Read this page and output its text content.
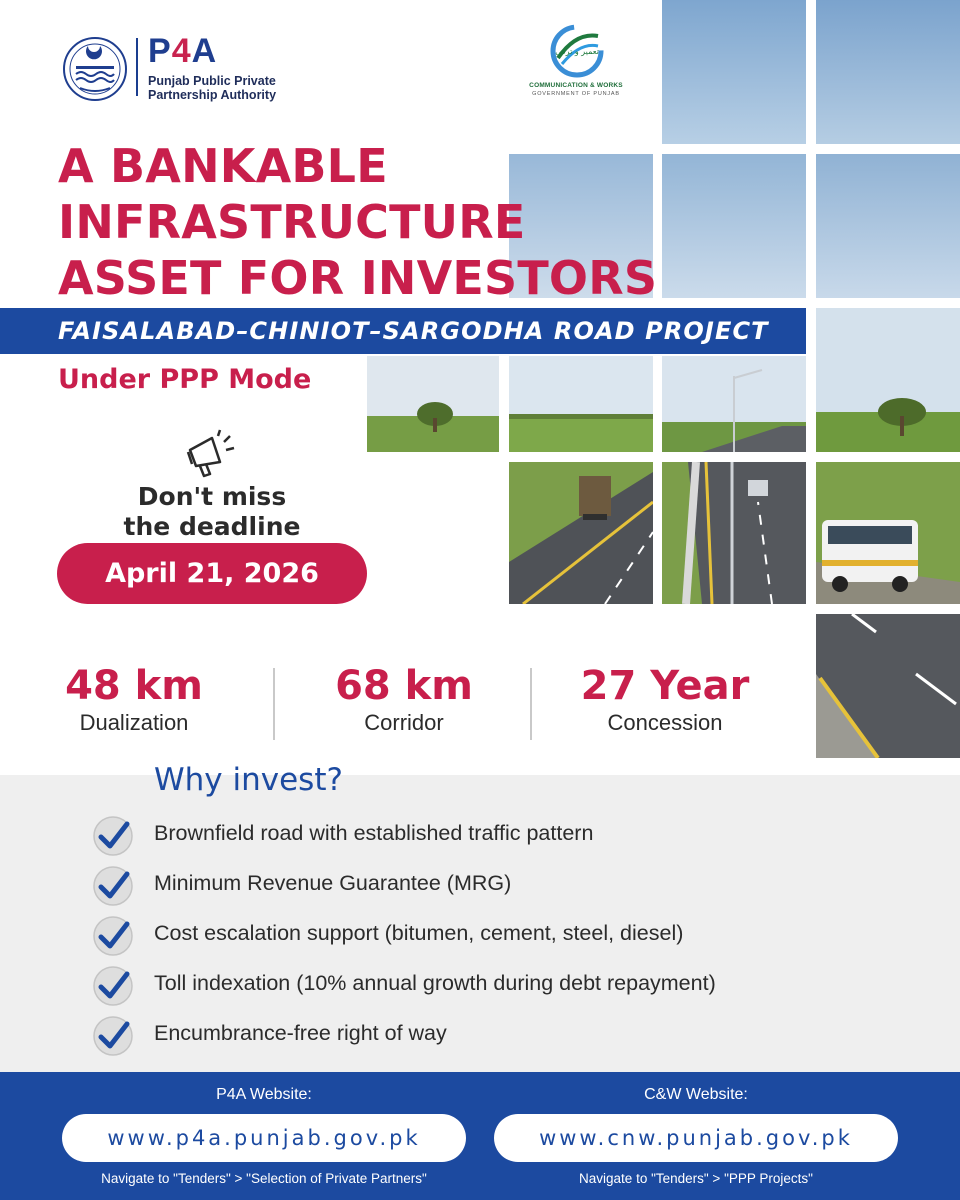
P4A
Punjab Public Private Partnership Authority
تعمیر و ترقی
COMMUNICATION & WORKS
GOVERNMENT OF PUNJAB
A BANKABLE
INFRASTRUCTURE
ASSET FOR INVESTORS
FAISALABAD–CHINIOT–SARGODHA ROAD PROJECT
Under PPP Mode
Don't miss
the deadline
April 21, 2026
48 km
Dualization
68 km
Corridor
27 Year
Concession
Why invest?
Brownfield road with established traffic pattern
Minimum Revenue Guarantee (MRG)
Cost escalation support (bitumen, cement, steel, diesel)
Toll indexation (10% annual growth during debt repayment)
Encumbrance-free right of way
P4A Website:
www.p4a.punjab.gov.pk
Navigate to "Tenders" > "Selection of Private Partners"
C&W Website:
www.cnw.punjab.gov.pk
Navigate to "Tenders" > "PPP Projects"
